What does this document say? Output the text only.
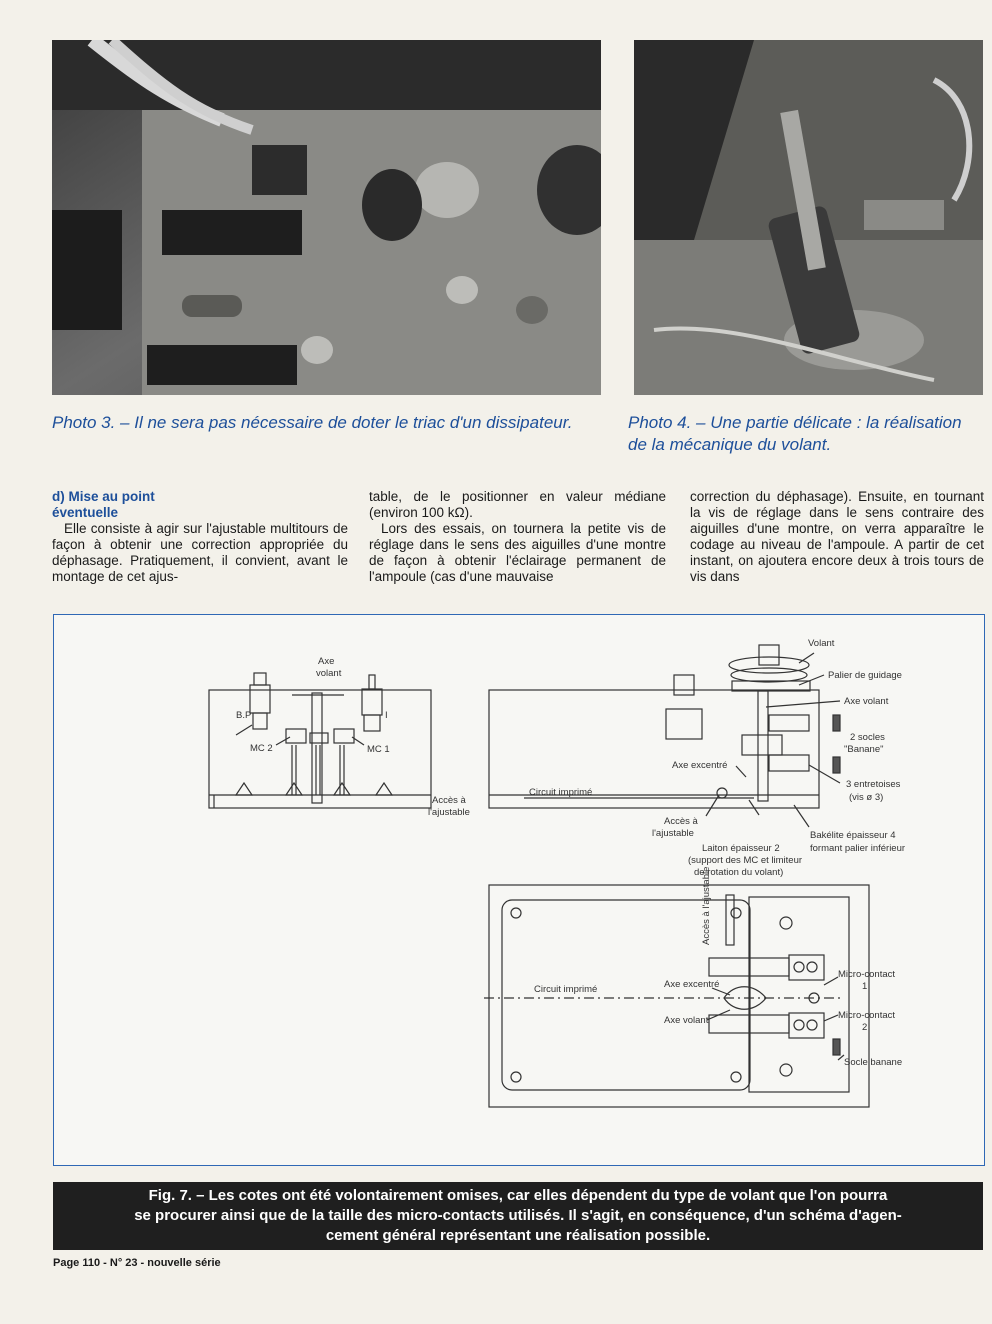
Photo 3. – Il ne sera pas nécessaire de doter le triac d'un dissipateur.	Photo 4. – Une partie délicate : la réalisation
de la mécanique du volant.
d) Mise au point
éventuelle

Elle consiste à agir sur l'ajustable multitours de façon à obtenir une correction appropriée du déphasage. Pratiquement, il convient, avant le montage de cet ajus-

table, de le positionner en valeur médiane (environ 100 kΩ).

Lors des essais, on tournera la petite vis de réglage dans le sens des aiguilles d'une montre de façon à obtenir l'éclairage permanent de l'ampoule (cas d'une mauvaise

correction du déphasage). Ensuite, en tournant la vis de réglage dans le sens contraire des aiguilles d'une montre, on verra apparaître le codage au niveau de l'ampoule. A partir de cet instant, on ajoutera encore deux à trois tours de vis dans

Axe
volant
B.P	I
MC 2	MC 1
Accès à
l'ajustable
Volant
Palier de guidage
Axe volant
2 socles
"Banane"
Axe excentré
3 entretoises
(vis ø 3)
Circuit imprimé
Accès à
l'ajustable
Laiton épaisseur 2
(support des MC et limiteur
de rotation du volant)
Bakélite épaisseur 4
formant palier inférieur
Accès à l'ajustable
Circuit imprimé	Axe excentré
Axe volant
Micro-contact
1
Micro-contact
2
Socle banane
Fig. 7. – Les cotes ont été volontairement omises, car elles dépendent du type de volant que l'on pourra
se procurer ainsi que de la taille des micro-contacts utilisés. Il s'agit, en conséquence, d'un schéma d'agen-
cement général représentant une réalisation possible.
Page 110 - N° 23 - nouvelle série
